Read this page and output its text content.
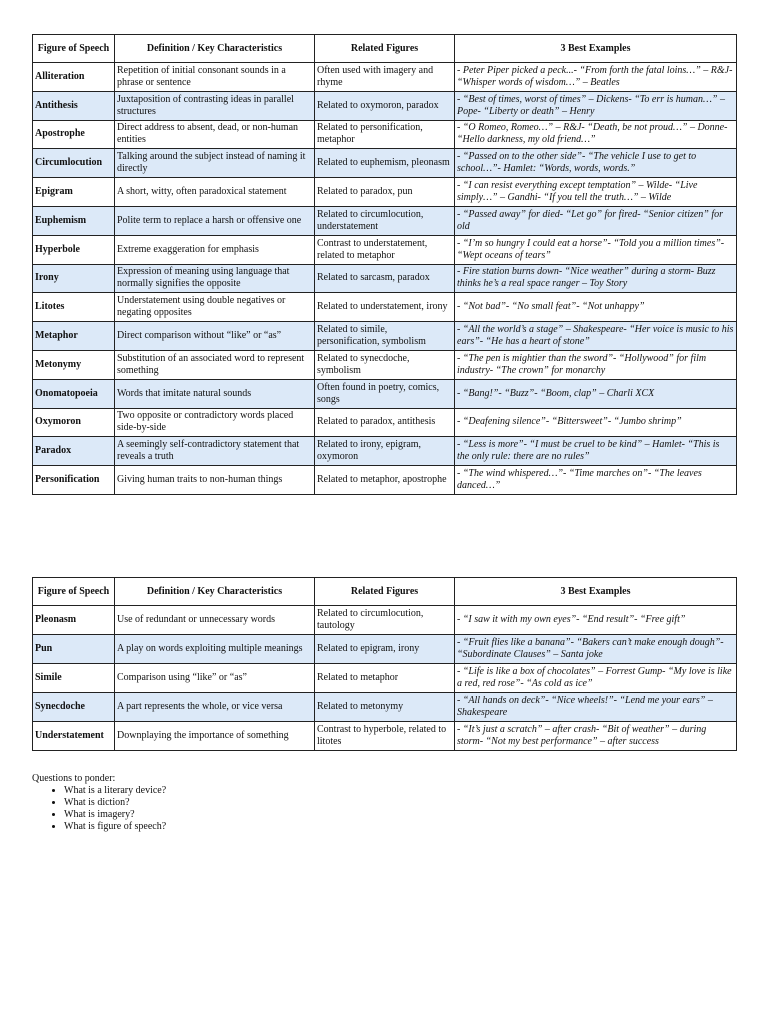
Figure of Speech	Definition / Key Characteristics	Related Figures	3 Best Examples
Alliteration	Repetition of initial consonant sounds in a phrase or sentence	Often used with imagery and rhyme	- Peter Piper picked a peck...- “From forth the fatal loins…” – R&J- “Whisper words of wisdom…” – Beatles
Antithesis	Juxtaposition of contrasting ideas in parallel structures	Related to oxymoron, paradox	- “Best of times, worst of times” – Dickens- “To err is human…” – Pope- “Liberty or death” – Henry
Apostrophe	Direct address to absent, dead, or non-human entities	Related to personification, metaphor	- “O Romeo, Romeo…” – R&J- “Death, be not proud…” – Donne- “Hello darkness, my old friend…”
Circumlocution	Talking around the subject instead of naming it directly	Related to euphemism, pleonasm	- “Passed on to the other side”- “The vehicle I use to get to school…”- Hamlet: “Words, words, words.”
Epigram	A short, witty, often paradoxical statement	Related to paradox, pun	- “I can resist everything except temptation” – Wilde- “Live simply…” – Gandhi- “If you tell the truth…” – Wilde
Euphemism	Polite term to replace a harsh or offensive one	Related to circumlocution, understatement	- “Passed away” for died- “Let go” for fired- “Senior citizen” for old
Hyperbole	Extreme exaggeration for emphasis	Contrast to understatement, related to metaphor	- “I’m so hungry I could eat a horse”- “Told you a million times”- “Wept oceans of tears”
Irony	Expression of meaning using language that normally signifies the opposite	Related to sarcasm, paradox	- Fire station burns down- “Nice weather” during a storm- Buzz thinks he’s a real space ranger – Toy Story
Litotes	Understatement using double negatives or negating opposites	Related to understatement, irony	- “Not bad”- “No small feat”- “Not unhappy”
Metaphor	Direct comparison without “like” or “as”	Related to simile, personification, symbolism	- “All the world’s a stage” – Shakespeare- “Her voice is music to his ears”- “He has a heart of stone”
Metonymy	Substitution of an associated word to represent something	Related to synecdoche, symbolism	- “The pen is mightier than the sword”- “Hollywood” for film industry- “The crown” for monarchy
Onomatopoeia	Words that imitate natural sounds	Often found in poetry, comics, songs	- “Bang!”- “Buzz”- “Boom, clap” – Charli XCX
Oxymoron	Two opposite or contradictory words placed side-by-side	Related to paradox, antithesis	- “Deafening silence”- “Bittersweet”- “Jumbo shrimp”
Paradox	A seemingly self-contradictory statement that reveals a truth	Related to irony, epigram, oxymoron	- “Less is more”- “I must be cruel to be kind” – Hamlet- “This is the only rule: there are no rules”
Personification	Giving human traits to non-human things	Related to metaphor, apostrophe	- “The wind whispered…”- “Time marches on”- “The leaves danced…”
Figure of Speech	Definition / Key Characteristics	Related Figures	3 Best Examples
Pleonasm	Use of redundant or unnecessary words	Related to circumlocution, tautology	- “I saw it with my own eyes”- “End result”- “Free gift”
Pun	A play on words exploiting multiple meanings	Related to epigram, irony	- “Fruit flies like a banana”- “Bakers can’t make enough dough”- “Subordinate Clauses” – Santa joke
Simile	Comparison using “like” or “as”	Related to metaphor	- “Life is like a box of chocolates” – Forrest Gump- “My love is like a red, red rose”- “As cold as ice”
Synecdoche	A part represents the whole, or vice versa	Related to metonymy	- “All hands on deck”- “Nice wheels!”- “Lend me your ears” – Shakespeare
Understatement	Downplaying the importance of something	Contrast to hyperbole, related to litotes	- “It’s just a scratch” – after crash- “Bit of weather” – during storm- “Not my best performance” – after success
Questions to ponder:
• What is a literary device?
• What is diction?
• What is imagery?
• What is figure of speech?
